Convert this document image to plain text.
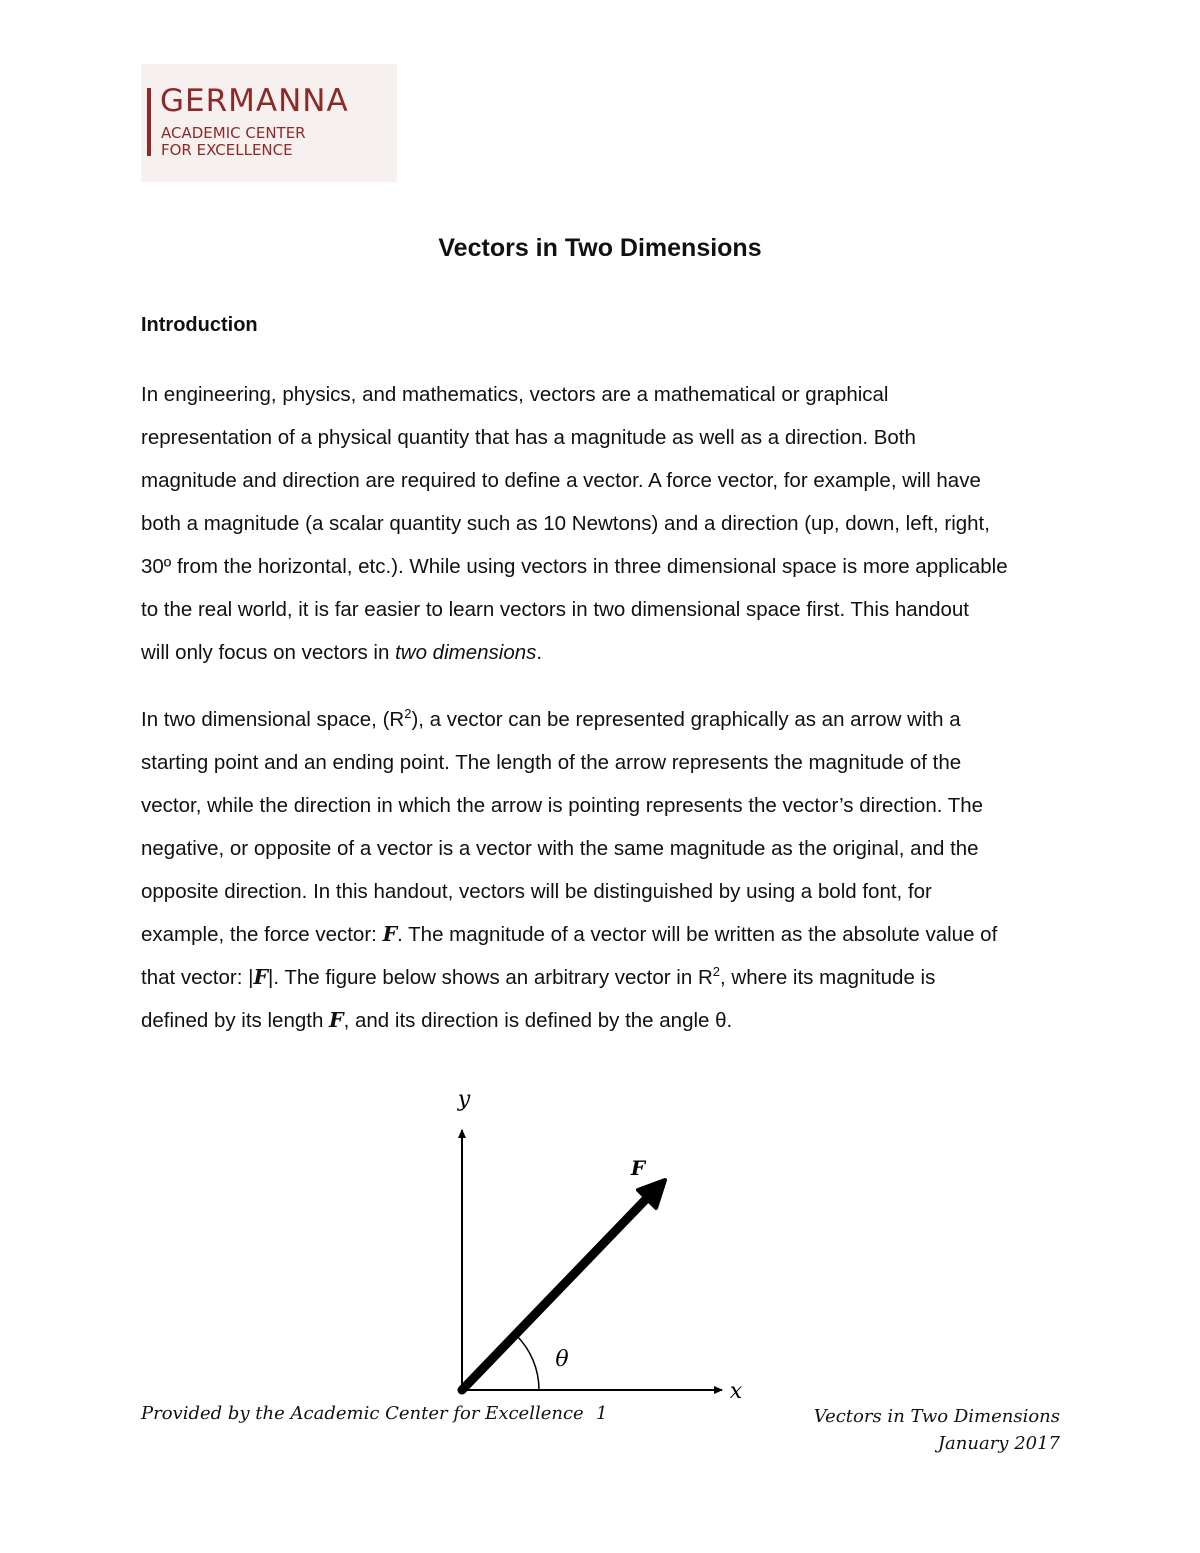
GERMANNA
ACADEMIC CENTER
FOR EXCELLENCE
Vectors in Two Dimensions
Introduction

In engineering, physics, and mathematics, vectors are a mathematical or graphical
representation of a physical quantity that has a magnitude as well as a direction. Both
magnitude and direction are required to define a vector. A force vector, for example, will have
both a magnitude (a scalar quantity such as 10 Newtons) and a direction (up, down, left, right,
30º from the horizontal, etc.). While using vectors in three dimensional space is more applicable
to the real world, it is far easier to learn vectors in two dimensional space first. This handout
will only focus on vectors in two dimensions.

In two dimensional space, $(R^2)$, a vector can be represented graphically as an arrow with a
starting point and an ending point. The length of the arrow represents the magnitude of the
vector, while the direction in which the arrow is pointing represents the vector’s direction. The
negative, or opposite of a vector is a vector with the same magnitude as the original, and the
opposite direction. In this handout, vectors will be distinguished by using a bold font, for
example, the force vector: F. The magnitude of a vector will be written as the absolute value of
that vector: |F|. The figure below shows an arbitrary vector in $R^2$, where its magnitude is
defined by its length F, and its direction is defined by the angle θ.

y
x
F
θ
Provided by the Academic Center for Excellence 1	Vectors in Two Dimensions
January 2017
